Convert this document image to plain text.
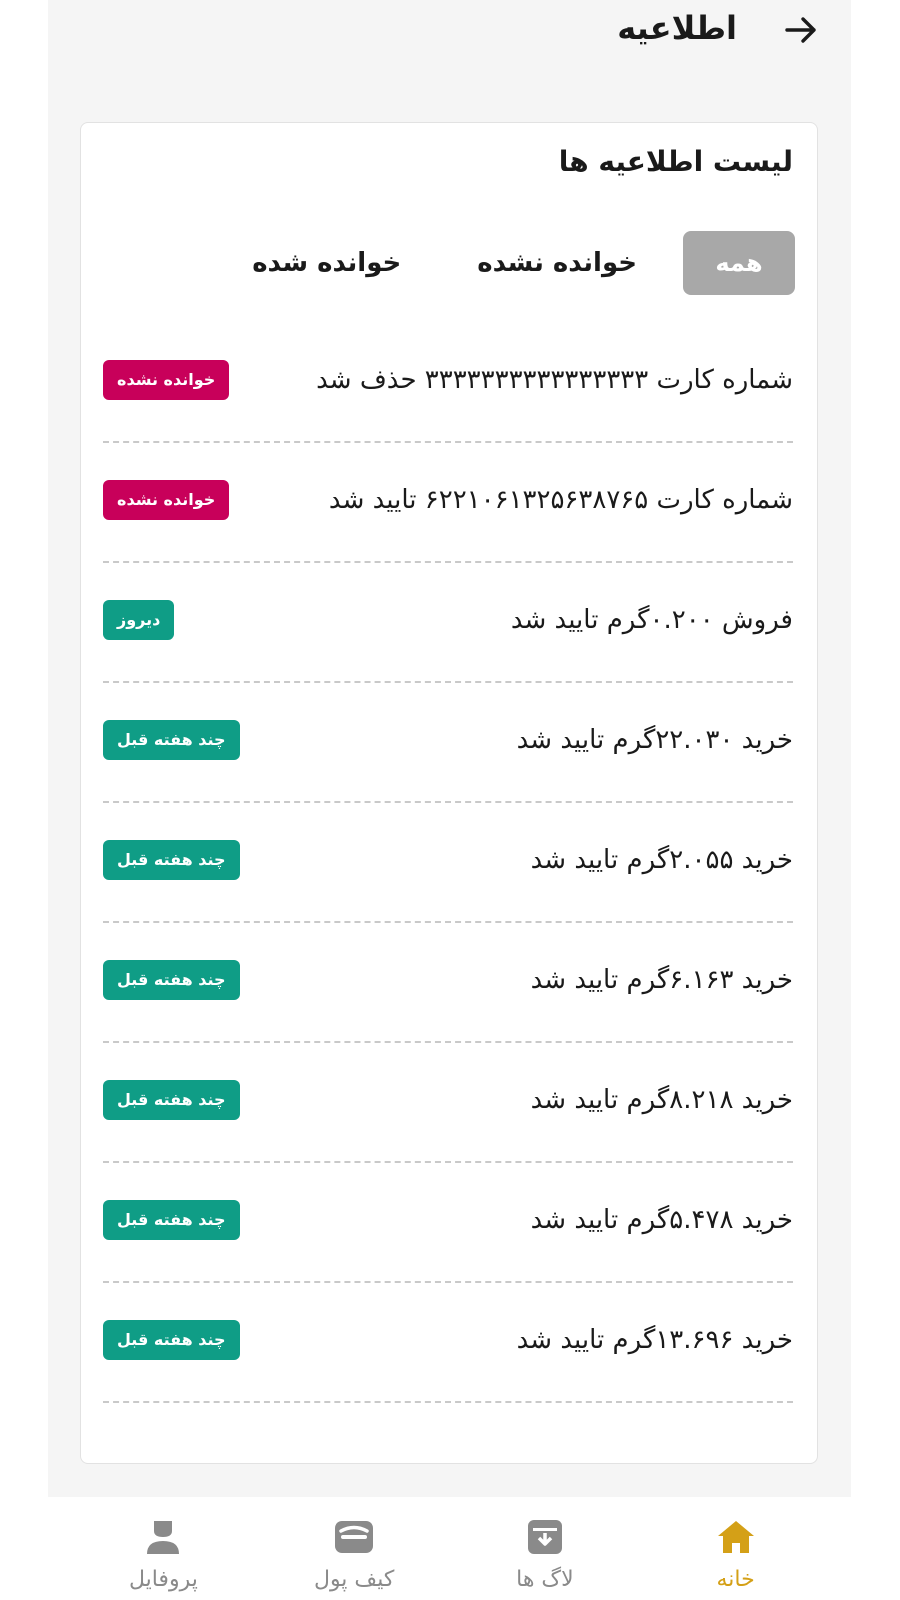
اطلاعیه
لیست اطلاعیه ها
همه
خوانده نشده
خوانده شده
شماره کارت ۳۳۳۳۳۳۳۳۳۳۳۳۳۳۳۳ حذف شد
خوانده نشده
شماره کارت ۶۲۲۱۰۶۱۳۲۵۶۳۸۷۶۵ تایید شد
خوانده نشده
فروش ۰.۲۰۰گرم تایید شد
دیروز
خرید ۲۲.۰۳۰گرم تایید شد
چند هفته قبل
خرید ۲.۰۵۵گرم تایید شد
چند هفته قبل
خرید ۶.۱۶۳گرم تایید شد
چند هفته قبل
خرید ۸.۲۱۸گرم تایید شد
چند هفته قبل
خرید ۵.۴۷۸گرم تایید شد
چند هفته قبل
خرید ۱۳.۶۹۶گرم تایید شد
چند هفته قبل
خانه
لاگ ها
کیف پول
پروفایل
